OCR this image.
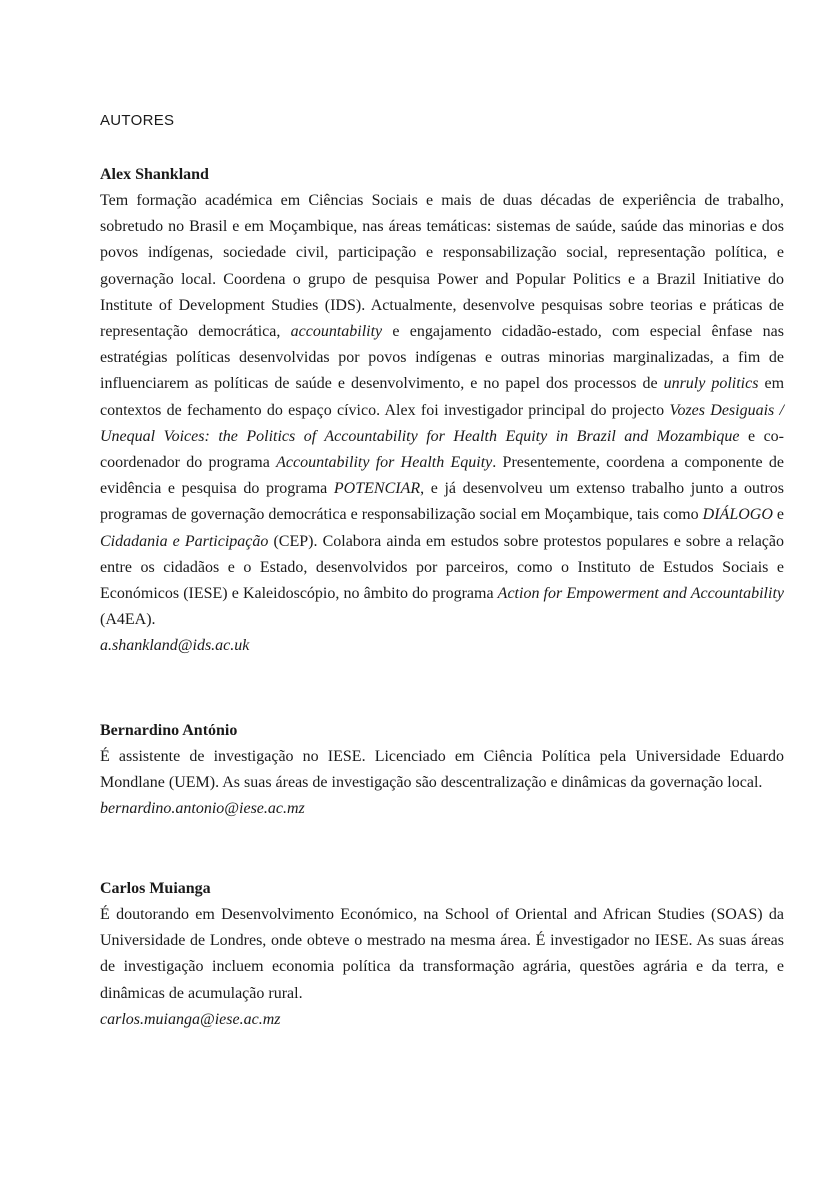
AUTORES
Alex Shankland

Tem formação académica em Ciências Sociais e mais de duas décadas de experiência de trabalho, sobretudo no Brasil e em Moçambique, nas áreas temáticas: sistemas de saúde, saúde das minorias e dos povos indígenas, sociedade civil, participação e responsabilização social, representação política, e governação local. Coordena o grupo de pesquisa Power and Popular Politics e a Brazil Initiative do Institute of Development Studies (IDS). Actualmente, desenvolve pesquisas sobre teorias e práticas de representação democrática, accountability e engajamento cidadão-estado, com especial ênfase nas estratégias políticas desenvolvidas por povos indígenas e outras minorias marginalizadas, a fim de influenciarem as políticas de saúde e desenvolvimento, e no papel dos processos de unruly politics em contextos de fechamento do espaço cívico. Alex foi investigador principal do projecto Vozes Desiguais / Unequal Voices: the Politics of Accountability for Health Equity in Brazil and Mozambique e co-coordenador do programa Accountability for Health Equity. Presentemente, coordena a componente de evidência e pesquisa do programa POTENCIAR, e já desenvolveu um extenso trabalho junto a outros programas de governação democrática e responsabilização social em Moçambique, tais como DIÁLOGO e Cidadania e Participação (CEP). Colabora ainda em estudos sobre protestos populares e sobre a relação entre os cidadãos e o Estado, desenvolvidos por parceiros, como o Instituto de Estudos Sociais e Económicos (IESE) e Kaleidoscópio, no âmbito do programa Action for Empowerment and Accountability (A4EA).

a.shankland@ids.ac.uk
Bernardino António

É assistente de investigação no IESE. Licenciado em Ciência Política pela Universidade Eduardo Mondlane (UEM). As suas áreas de investigação são descentralização e dinâmicas da governação local.

bernardino.antonio@iese.ac.mz
Carlos Muianga

É doutorando em Desenvolvimento Económico, na School of Oriental and African Studies (SOAS) da Universidade de Londres, onde obteve o mestrado na mesma área. É investigador no IESE. As suas áreas de investigação incluem economia política da transformação agrária, questões agrária e da terra, e dinâmicas de acumulação rural.

carlos.muianga@iese.ac.mz
